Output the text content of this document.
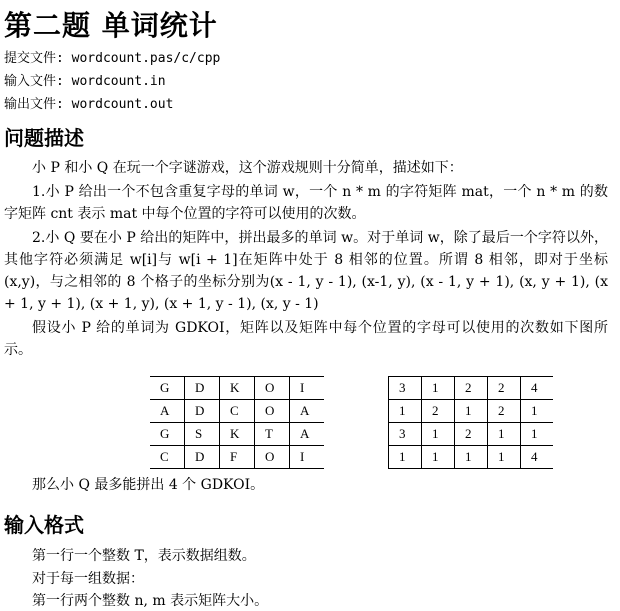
第二题 单词统计
提交文件: wordcount.pas/c/cpp
输入文件: wordcount.in
输出文件: wordcount.out
问题描述
小 P 和小 Q 在玩一个字谜游戏，这个游戏规则十分简单，描述如下：
1.小 P 给出一个不包含重复字母的单词 w，一个 n * m 的字符矩阵 mat，一个 n * m 的数字矩阵 cnt 表示 mat 中每个位置的字符可以使用的次数。
2.小 Q 要在小 P 给出的矩阵中，拼出最多的单词 w。对于单词 w，除了最后一个字符以外，其他字符必须满足 w[i]与 w[i + 1]在矩阵中处于 8 相邻的位置。所谓 8 相邻，即对于坐标(x,y)，与之相邻的 8 个格子的坐标分别为(x - 1, y - 1), (x-1, y), (x - 1, y + 1), (x, y + 1), (x + 1, y + 1), (x + 1, y), (x + 1, y - 1), (x, y - 1)
假设小 P 给的单词为 GDKOI，矩阵以及矩阵中每个位置的字母可以使用的次数如下图所示。
G	D	K	O	I
A	D	C	O	A
G	S	K	T	A
C	D	F	O	I
3	1	2	2	4
1	2	1	2	1
3	1	2	1	1
1	1	1	1	4
那么小 Q 最多能拼出 4 个 GDKOI。
输入格式
第一行一个整数 T，表示数据组数。
对于每一组数据：
第一行两个整数 n, m 表示矩阵大小。
